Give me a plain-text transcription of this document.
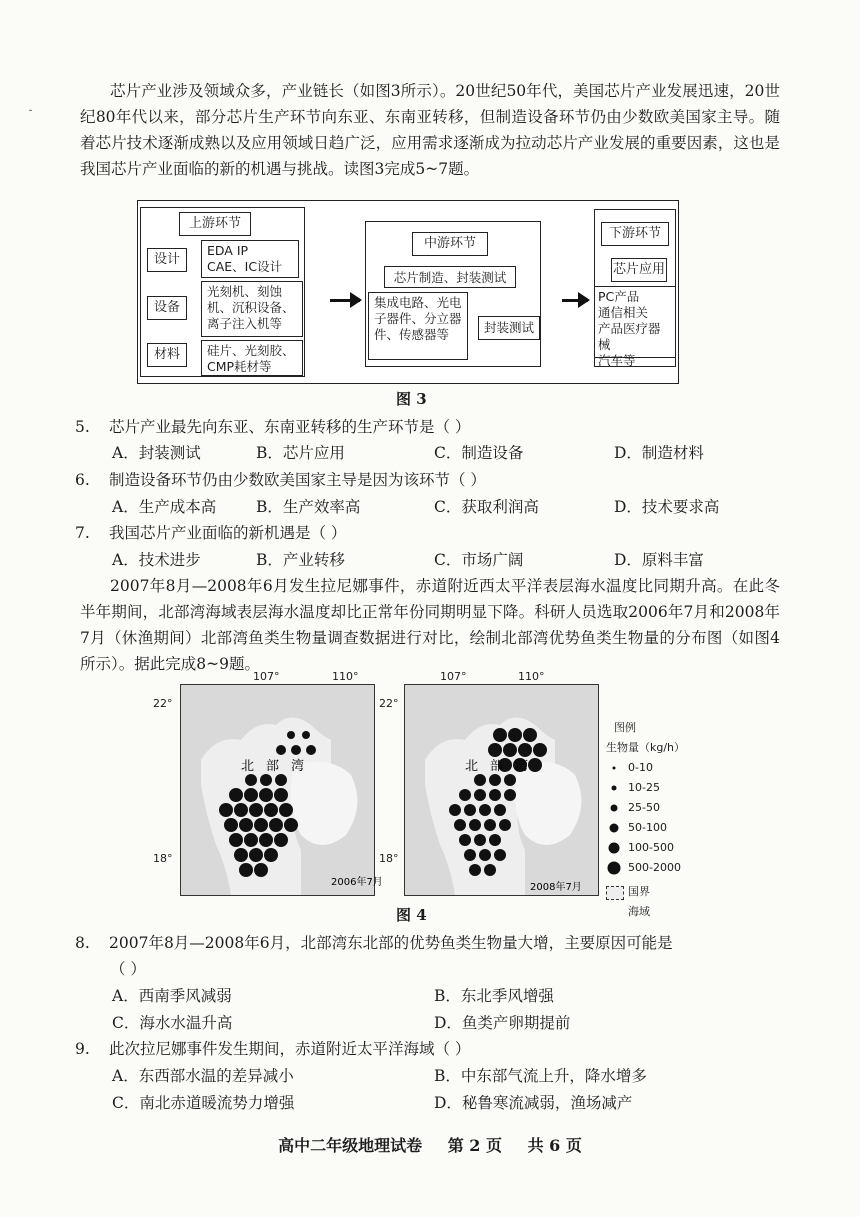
⁃
芯片产业涉及领域众多，产业链长（如图3所示）。20世纪50年代，美国芯片产业发展迅速，20世纪80年代以来，部分芯片生产环节向东亚、东南亚转移，但制造设备环节仍由少数欧美国家主导。随着芯片技术逐渐成熟以及应用领域日趋广泛，应用需求逐渐成为拉动芯片产业发展的重要因素，这也是我国芯片产业面临的新的机遇与挑战。读图3完成5~7题。
上游环节
设计
EDA IP
CAE、IC设计
设备
光刻机、刻蚀机、沉积设备、离子注入机等
材料	硅片、光刻胶、CMP耗材等
中游环节
芯片制造、封装测试
集成电路、光电子器件、分立器件、传感器等	封装测试
下游环节
芯片应用
PC产品
通信相关
产品医疗器械
汽车等
图 3
5. 芯片产业最先向东亚、东南亚转移的生产环节是（ ）
A．封装测试	B．芯片应用	C．制造设备	D．制造材料
6. 制造设备环节仍由少数欧美国家主导是因为该环节（ ）
A．生产成本高	B．生产效率高	C．获取利润高	D．技术要求高
7. 我国芯片产业面临的新机遇是（ ）
A．技术进步	B．产业转移	C．市场广阔	D．原料丰富
2007年8月—2008年6月发生拉尼娜事件，赤道附近西太平洋表层海水温度比同期升高。在此冬半年期间，北部湾海域表层海水温度却比正常年份同期明显下降。科研人员选取2006年7月和2008年7月（休渔期间）北部湾鱼类生物量调查数据进行对比，绘制北部湾优势鱼类生物量的分布图（如图4所示）。据此完成8~9题。
107°	110°
22°
18°
107°	110°
22°
18°
2006年7月
北 部 湾
2008年7月
北 部 湾
图例
生物量（kg/h）
0-10
10-25
25-50
50-100
100-500
500-2000
国界
海域
图 4
8. 2007年8月—2008年6月，北部湾东北部的优势鱼类生物量大增，主要原因可能是
（ ）
A．西南季风减弱	B．东北季风增强
C．海水水温升高	D．鱼类产卵期提前
9. 此次拉尼娜事件发生期间，赤道附近太平洋海域（ ）
A．东西部水温的差异减小	B．中东部气流上升，降水增多
C．南北赤道暖流势力增强	D．秘鲁寒流减弱，渔场减产
高中二年级地理试卷 第 2 页 共 6 页
